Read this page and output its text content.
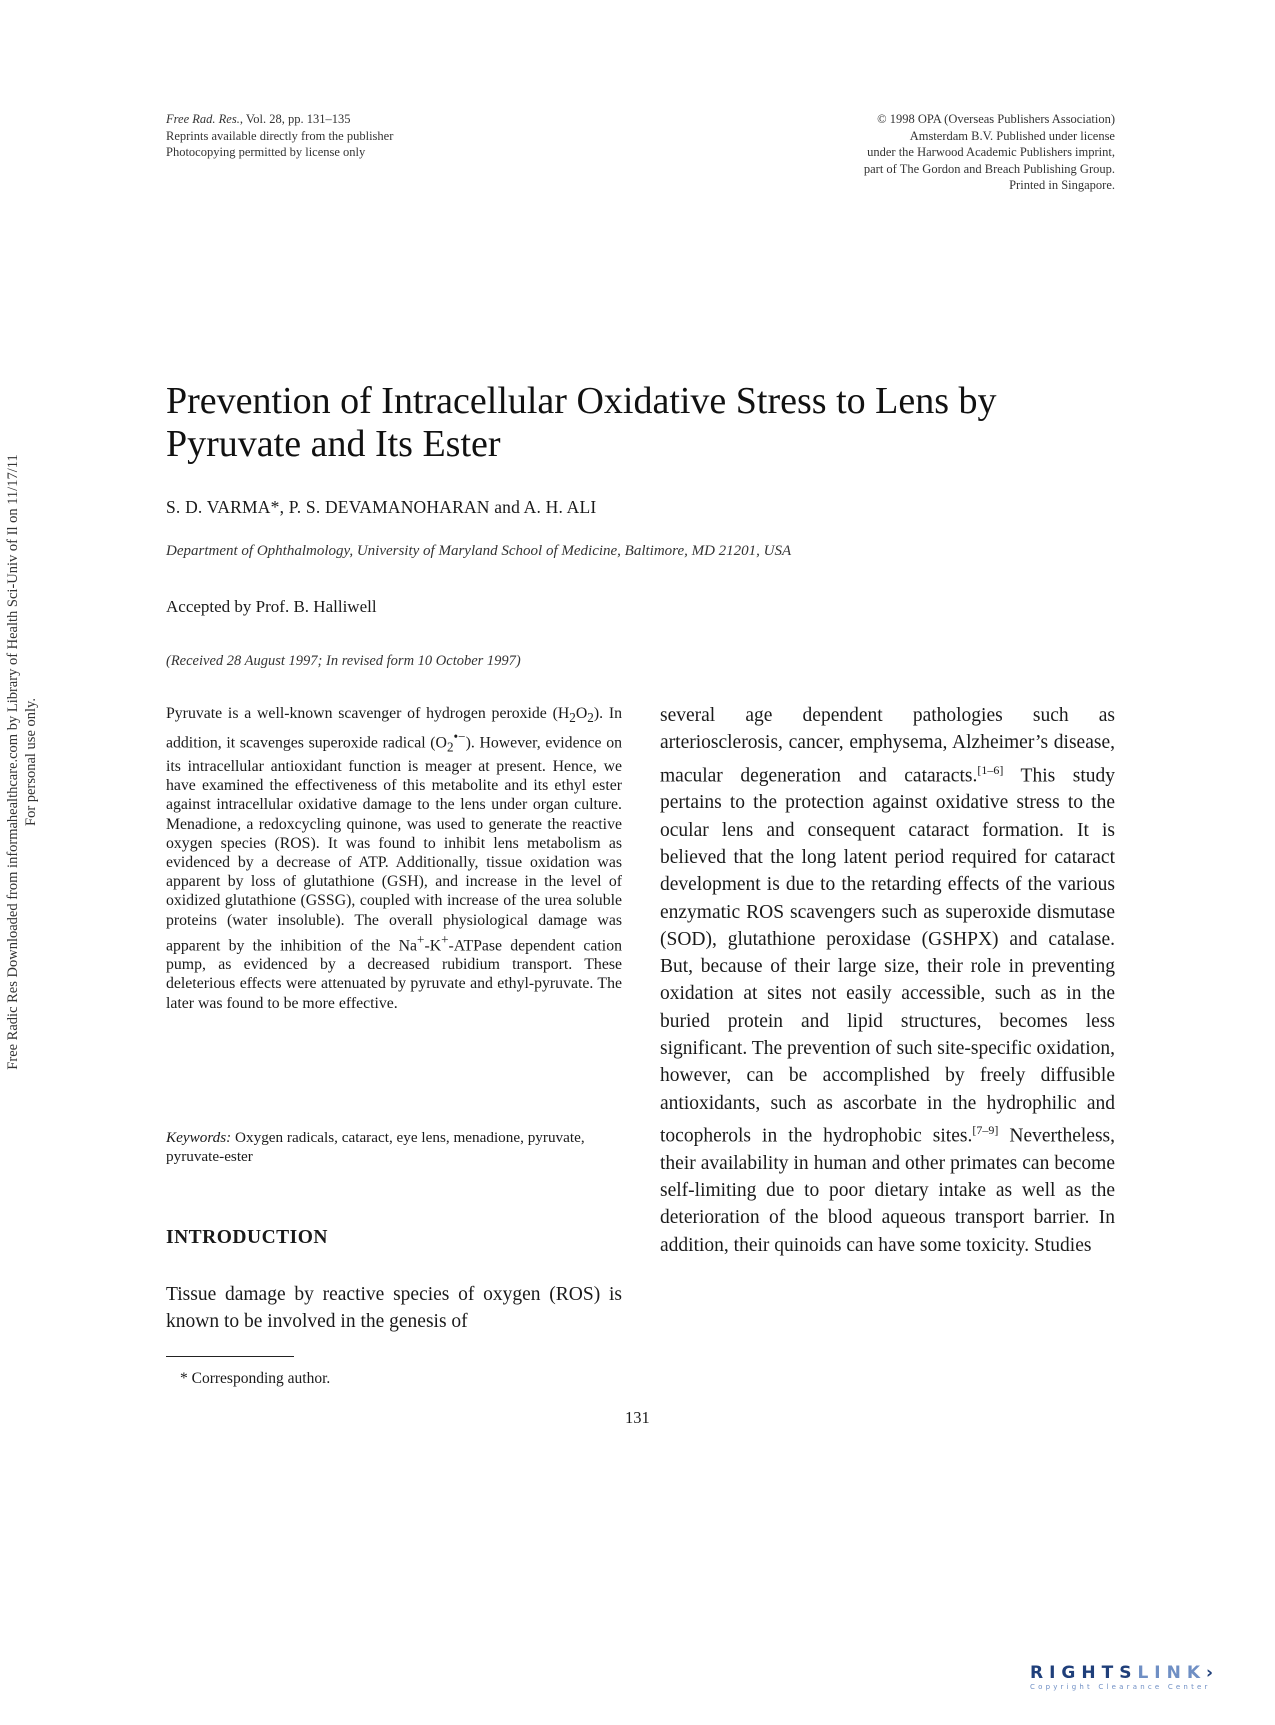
Free Rad. Res., Vol. 28, pp. 131–135
Reprints available directly from the publisher
Photocopying permitted by license only
© 1998 OPA (Overseas Publishers Association)
Amsterdam B.V. Published under license
under the Harwood Academic Publishers imprint,
part of The Gordon and Breach Publishing Group.
Printed in Singapore.
Free Radic Res Downloaded from informahealthcare.com by Library of Health Sci-Univ of Il on 11/17/11 For personal use only.
Prevention of Intracellular Oxidative Stress to Lens by Pyruvate and Its Ester
S. D. VARMA*, P. S. DEVAMANOHARAN and A. H. ALI
Department of Ophthalmology, University of Maryland School of Medicine, Baltimore, MD 21201, USA
Accepted by Prof. B. Halliwell
(Received 28 August 1997; In revised form 10 October 1997)

Pyruvate is a well-known scavenger of hydrogen peroxide $(H_2O_2)$. In addition, it scavenges superoxide radical $(O_2^{•-})$. However, evidence on its intracellular antioxidant function is meager at present. Hence, we have examined the effectiveness of this metabolite and its ethyl ester against intracellular oxidative damage to the lens under organ culture. Menadione, a redoxcycling quinone, was used to generate the reactive oxygen species (ROS). It was found to inhibit lens metabolism as evidenced by a decrease of ATP. Additionally, tissue oxidation was apparent by loss of glutathione (GSH), and increase in the level of oxidized glutathione (GSSG), coupled with increase of the urea soluble proteins (water insoluble). The overall physiological damage was apparent by the inhibition of the Na+-K+-ATPase dependent cation pump, as evidenced by a decreased rubidium transport. These deleterious effects were attenuated by pyruvate and ethyl-pyruvate. The later was found to be more effective.

Keywords: Oxygen radicals, cataract, eye lens, menadione, pyruvate, pyruvate-ester

INTRODUCTION

Tissue damage by reactive species of oxygen (ROS) is known to be involved in the genesis of

several age dependent pathologies such as arteriosclerosis, cancer, emphysema, Alzheimer’s disease, macular degeneration and cataracts.[1–6] This study pertains to the protection against oxidative stress to the ocular lens and consequent cataract formation. It is believed that the long latent period required for cataract development is due to the retarding effects of the various enzymatic ROS scavengers such as superoxide dismutase (SOD), glutathione peroxidase (GSHPX) and catalase. But, because of their large size, their role in preventing oxidation at sites not easily accessible, such as in the buried protein and lipid structures, becomes less significant. The prevention of such site-specific oxidation, however, can be accomplished by freely diffusible antioxidants, such as ascorbate in the hydrophilic and tocopherols in the hydrophobic sites.[7–9] Nevertheless, their availability in human and other primates can become self-limiting due to poor dietary intake as well as the deterioration of the blood aqueous transport barrier. In addition, their quinoids can have some toxicity. Studies

* Corresponding author.
131
RIGHTSLINK›
Copyright Clearance Center
